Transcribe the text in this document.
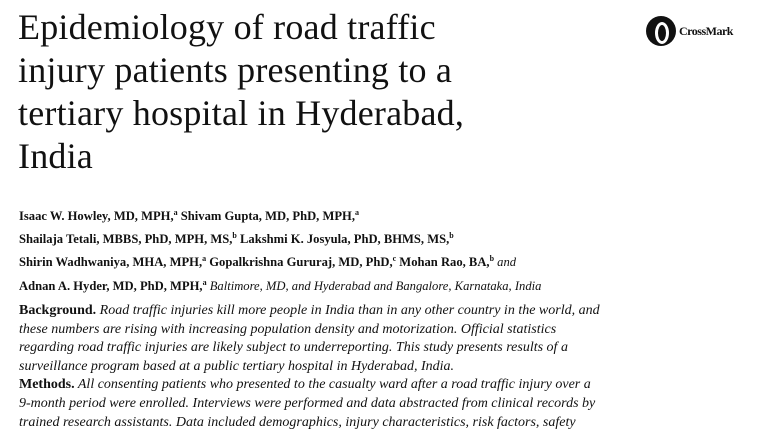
Epidemiology of road traffic
injury patients presenting to a
tertiary hospital in Hyderabad,
India
CrossMark
Isaac W. Howley, MD, MPH,$^a$ Shivam Gupta, MD, PhD, MPH,$^a$
Shailaja Tetali, MBBS, PhD, MPH, MS,$^b$ Lakshmi K. Josyula, PhD, BHMS, MS,$^b$
Shirin Wadhwaniya, MHA, MPH,$^a$ Gopalkrishna Gururaj, MD, PhD,$^c$ Mohan Rao, BA,$^b$ and
Adnan A. Hyder, MD, PhD, MPH,$^a$ Baltimore, MD, and Hyderabad and Bangalore, Karnataka, India
Background. Road traffic injuries kill more people in India than in any other country in the world, and
these numbers are rising with increasing population density and motorization. Official statistics
regarding road traffic injuries are likely subject to underreporting. This study presents results of a
surveillance program based at a public tertiary hospital in Hyderabad, India.
Methods. All consenting patients who presented to the casualty ward after a road traffic injury over a
9-month period were enrolled. Interviews were performed and data abstracted from clinical records by
trained research assistants. Data included demographics, injury characteristics, risk factors, safety
